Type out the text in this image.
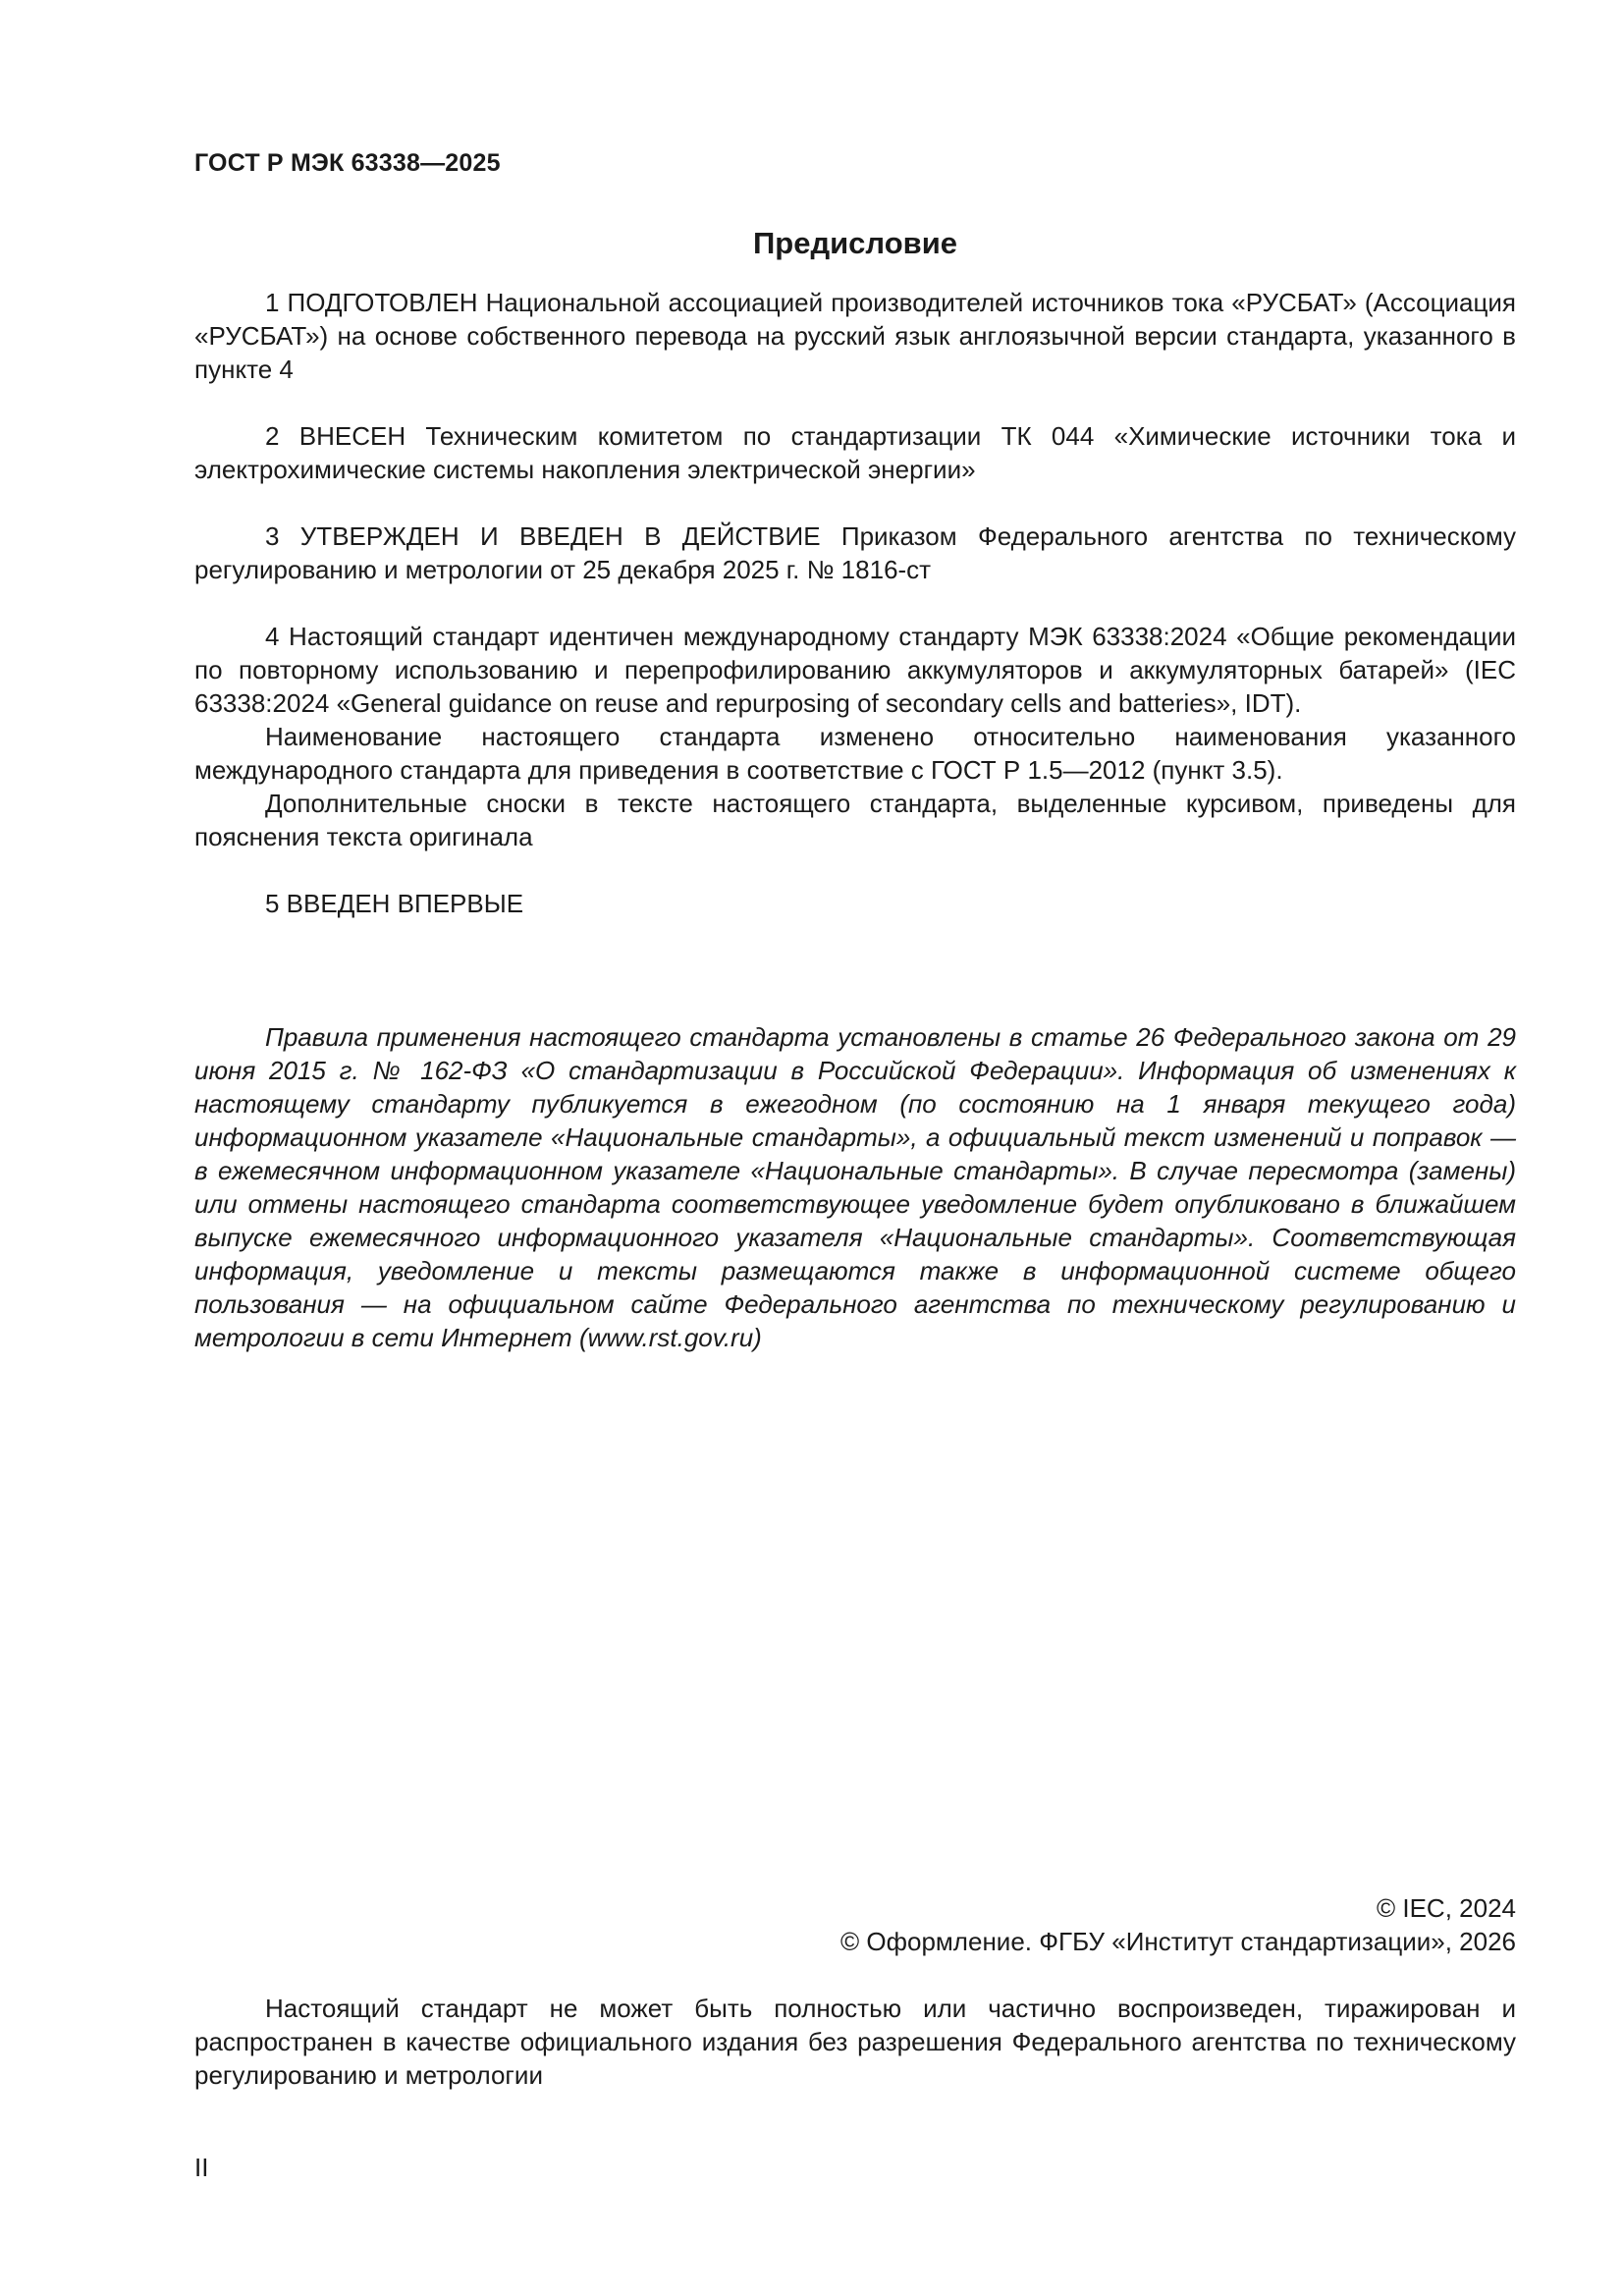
ГОСТ Р МЭК 63338—2025
Предисловие

1 ПОДГОТОВЛЕН Национальной ассоциацией производителей источников тока «РУСБАТ» (Ассоциация «РУСБАТ») на основе собственного перевода на русский язык англоязычной версии стандарта, указанного в пункте 4

2 ВНЕСЕН Техническим комитетом по стандартизации ТК 044 «Химические источники тока и электрохимические системы накопления электрической энергии»

3 УТВЕРЖДЕН И ВВЕДЕН В ДЕЙСТВИЕ Приказом Федерального агентства по техническому регулированию и метрологии от 25 декабря 2025 г. № 1816-ст

4 Настоящий стандарт идентичен международному стандарту МЭК 63338:2024 «Общие рекомендации по повторному использованию и перепрофилированию аккумуляторов и аккумуляторных батарей» (IEC 63338:2024 «General guidance on reuse and repurposing of secondary cells and batteries», IDT).

Наименование настоящего стандарта изменено относительно наименования указанного международного стандарта для приведения в соответствие с ГОСТ Р 1.5—2012 (пункт 3.5).

Дополнительные сноски в тексте настоящего стандарта, выделенные курсивом, приведены для пояснения текста оригинала

5 ВВЕДЕН ВПЕРВЫЕ

Правила применения настоящего стандарта установлены в статье 26 Федерального закона от 29 июня 2015 г. № 162-ФЗ «О стандартизации в Российской Федерации». Информация об изменениях к настоящему стандарту публикуется в ежегодном (по состоянию на 1 января текущего года) информационном указателе «Национальные стандарты», а официальный текст изменений и поправок — в ежемесячном информационном указателе «Национальные стандарты». В случае пересмотра (замены) или отмены настоящего стандарта соответствующее уведомление будет опубликовано в ближайшем выпуске ежемесячного информационного указателя «Национальные стандарты». Соответствующая информация, уведомление и тексты размещаются также в информационной системе общего пользования — на официальном сайте Федерального агентства по техническому регулированию и метрологии в сети Интернет (www.rst.gov.ru)

© IEC, 2024

© Оформление. ФГБУ «Институт стандартизации», 2026

Настоящий стандарт не может быть полностью или частично воспроизведен, тиражирован и распространен в качестве официального издания без разрешения Федерального агентства по техническому регулированию и метрологии

II
